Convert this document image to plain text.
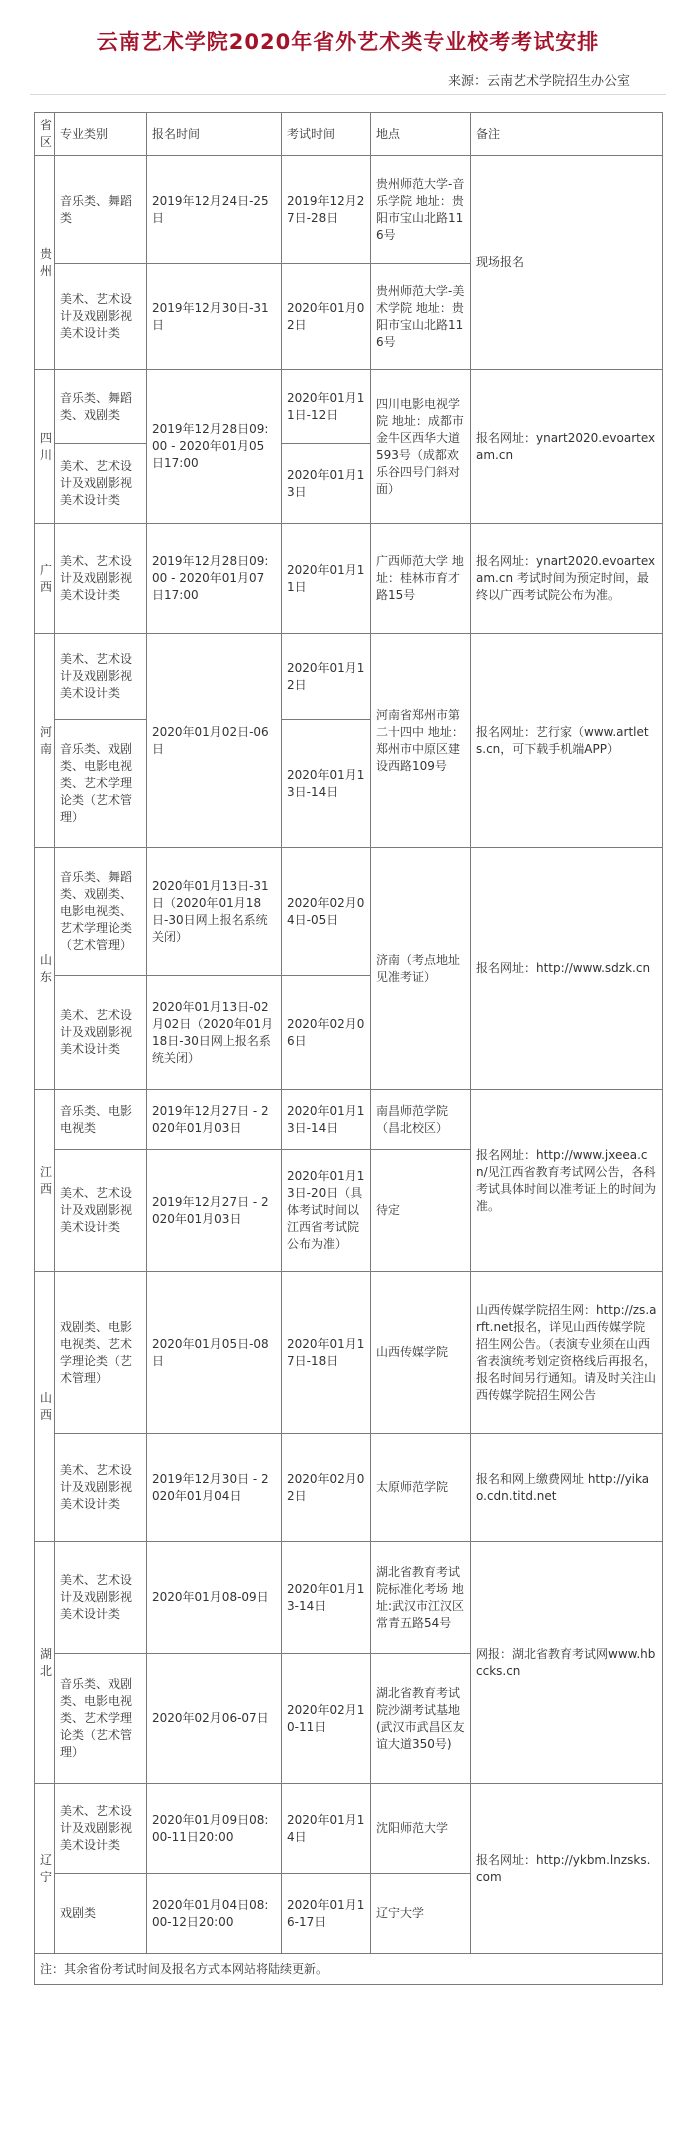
云南艺术学院2020年省外艺术类专业校考考试安排
来源：云南艺术学院招生办公室
省区	专业类别	报名时间	考试时间	地点	备注
贵州	音乐类、舞蹈类	2019年12月24日-25日	2019年12月27日-28日	贵州师范大学-音乐学院 地址：贵阳市宝山北路116号	现场报名
	美术、艺术设计及戏剧影视美术设计类	2019年12月30日-31日	2020年01月02日	贵州师范大学-美术学院 地址：贵阳市宝山北路116号	
四川	音乐类、舞蹈类、戏剧类	2019年12月28日09:00 - 2020年01月05日17:00	2020年01月11日-12日	四川电影电视学院 地址：成都市金牛区西华大道593号（成都欢乐谷四号门斜对面）	报名网址：ynart2020.evoartexam.cn
	美术、艺术设计及戏剧影视美术设计类		2020年01月13日		
广西	美术、艺术设计及戏剧影视美术设计类	2019年12月28日09:00 - 2020年01月07日17:00	2020年01月11日	广西师范大学 地址：桂林市育才路15号	报名网址：ynart2020.evoartexam.cn 考试时间为预定时间，最终以广西考试院公布为准。
河南	美术、艺术设计及戏剧影视美术设计类	2020年01月02日-06日	2020年01月12日	河南省郑州市第二十四中 地址：郑州市中原区建设西路109号	报名网址：艺行家（www.artlets.cn，可下载手机端APP）
	音乐类、戏剧类、电影电视类、艺术学理论类（艺术管理）		2020年01月13日-14日		
山东	音乐类、舞蹈类、戏剧类、电影电视类、艺术学理论类（艺术管理）	2020年01月13日-31日（2020年01月18日-30日网上报名系统关闭）	2020年02月04日-05日	济南（考点地址见准考证）	报名网址：http://www.sdzk.cn
	美术、艺术设计及戏剧影视美术设计类	2020年01月13日-02月02日（2020年01月18日-30日网上报名系统关闭）	2020年02月06日		
江西	音乐类、电影电视类	2019年12月27日 - 2020年01月03日	2020年01月13日-14日	南昌师范学院（昌北校区）	报名网址：http://www.jxeea.cn/见江西省教育考试网公告，各科考试具体时间以准考证上的时间为准。
	美术、艺术设计及戏剧影视美术设计类	2019年12月27日 - 2020年01月03日	2020年01月13日-20日（具体考试时间以江西省考试院公布为准）	待定	
山西	戏剧类、电影电视类、艺术学理论类（艺术管理）	2020年01月05日-08日	2020年01月17日-18日	山西传媒学院	山西传媒学院招生网：http://zs.arft.net报名，详见山西传媒学院招生网公告。（表演专业须在山西省表演统考划定资格线后再报名，报名时间另行通知。请及时关注山西传媒学院招生网公告
	美术、艺术设计及戏剧影视美术设计类	2019年12月30日 - 2020年01月04日	2020年02月02日	太原师范学院	报名和网上缴费网址 http://yikao.cdn.titd.net
湖北	美术、艺术设计及戏剧影视美术设计类	2020年01月08-09日	2020年01月13-14日	湖北省教育考试院标准化考场 地址:武汉市江汉区常青五路54号	网报：湖北省教育考试网www.hbccks.cn
	音乐类、戏剧类、电影电视类、艺术学理论类（艺术管理）	2020年02月06-07日	2020年02月10-11日	湖北省教育考试院沙湖考试基地(武汉市武昌区友谊大道350号)	
辽宁	美术、艺术设计及戏剧影视美术设计类	2020年01月09日08:00-11日20:00	2020年01月14日	沈阳师范大学	报名网址：http://ykbm.lnzsks.com
	戏剧类	2020年01月04日08:00-12日20:00	2020年01月16-17日	辽宁大学	
注：其余省份考试时间及报名方式本网站将陆续更新。					
